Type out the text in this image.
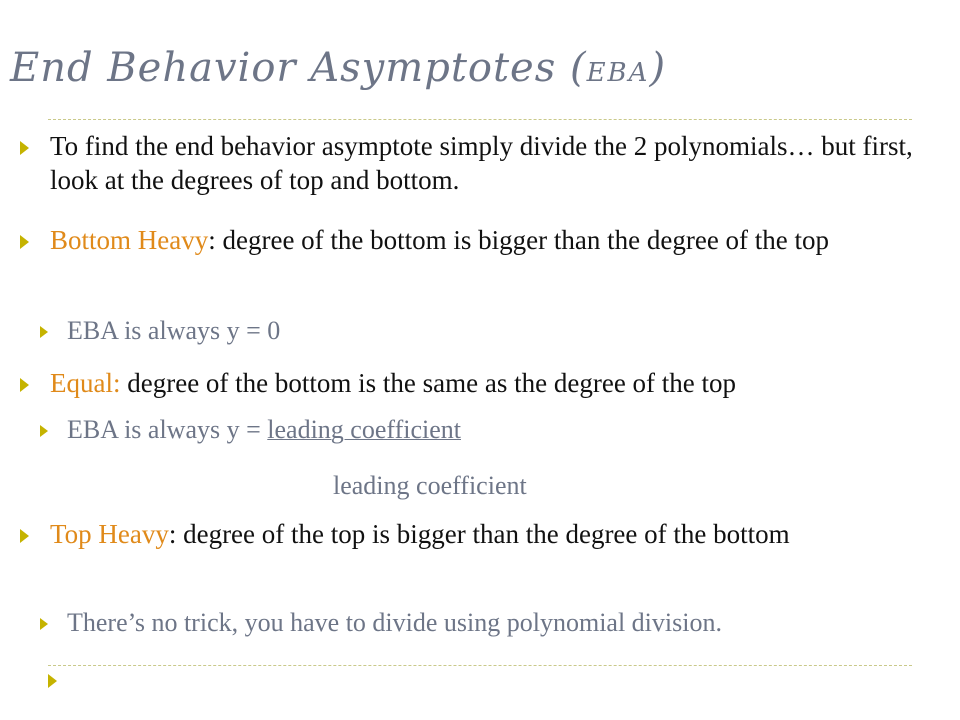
End Behavior Asymptotes (EBA)
To find the end behavior asymptote simply divide the 2 polynomials… but first, look at the degrees of top and bottom.
Bottom Heavy: degree of the bottom is bigger than the degree of the top
EBA is always y = 0
Equal: degree of the bottom is the same as the degree of the top
EBA is always y = leading coefficient
leading coefficient
Top Heavy: degree of the top is bigger than the degree of the bottom
There’s no trick, you have to divide using polynomial division.
